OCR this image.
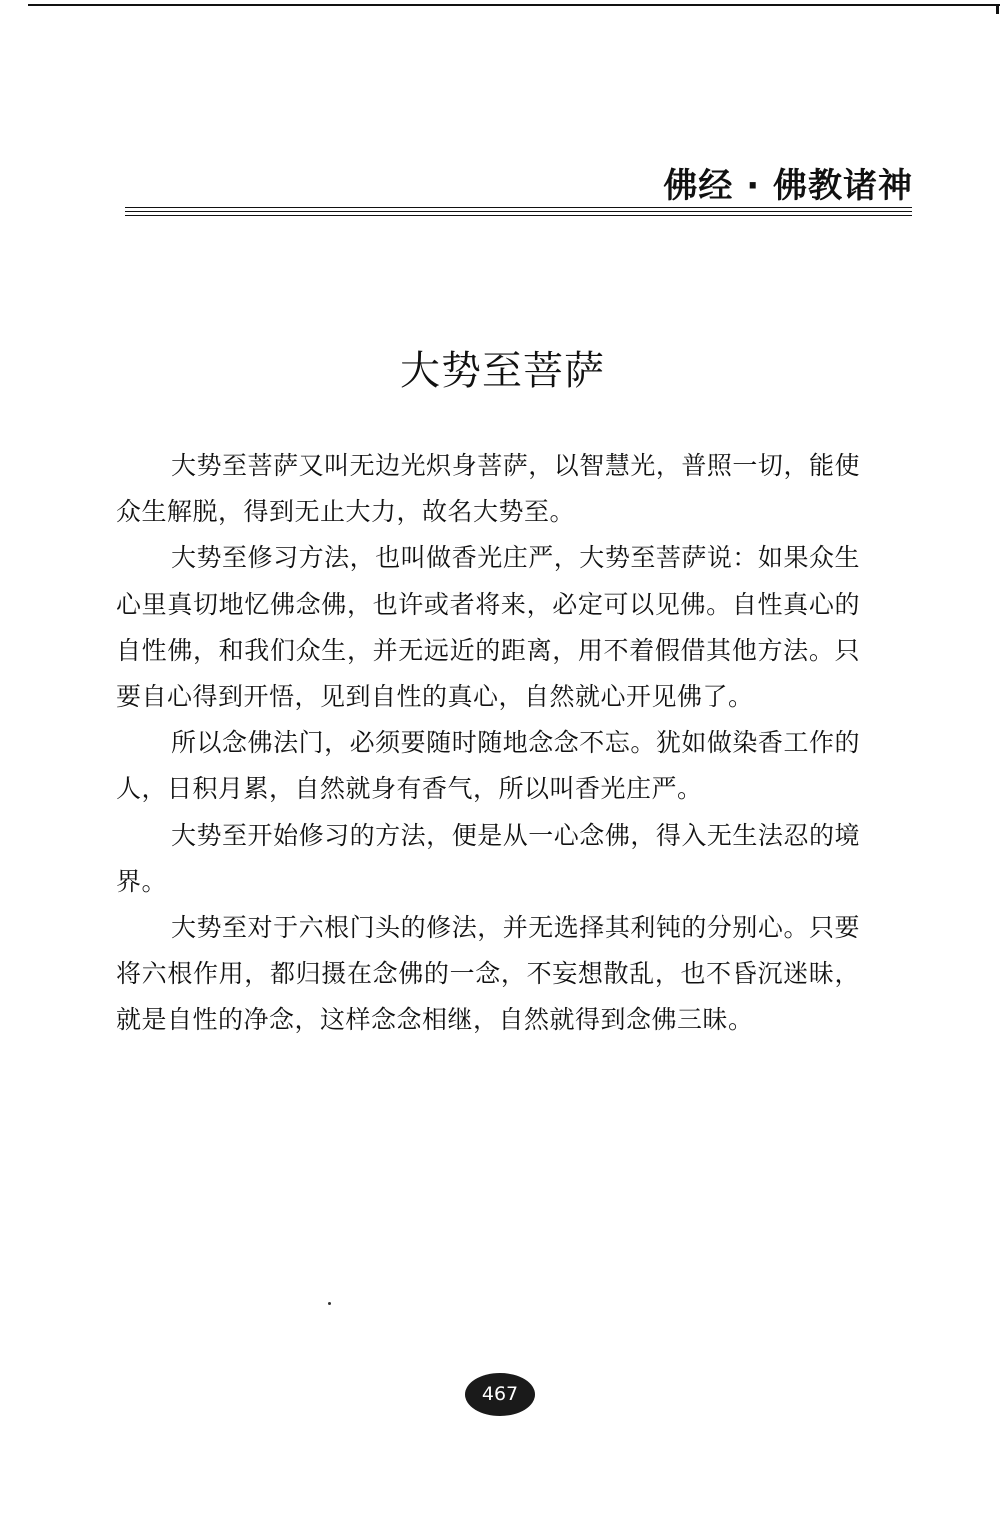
佛经 · 佛教诸神
大势至菩萨

大势至菩萨又叫无边光炽身菩萨，以智慧光，普照一切，能使众生解脱，得到无止大力，故名大势至。

大势至修习方法，也叫做香光庄严，大势至菩萨说：如果众生心里真切地忆佛念佛，也许或者将来，必定可以见佛。自性真心的自性佛，和我们众生，并无远近的距离，用不着假借其他方法。只要自心得到开悟，见到自性的真心，自然就心开见佛了。

所以念佛法门，必须要随时随地念念不忘。犹如做染香工作的人，日积月累，自然就身有香气，所以叫香光庄严。

大势至开始修习的方法，便是从一心念佛，得入无生法忍的境界。

大势至对于六根门头的修法，并无选择其利钝的分别心。只要将六根作用，都归摄在念佛的一念，不妄想散乱，也不昏沉迷昧，就是自性的净念，这样念念相继，自然就得到念佛三昧。

467
